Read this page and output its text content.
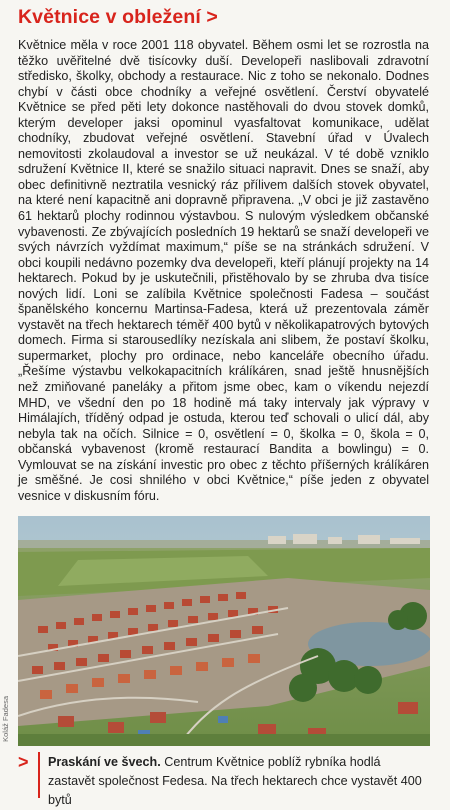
Květnice v obležení >

Květnice měla v roce 2001 118 obyvatel. Během osmi let se rozrostla na těžko uvěřitelné dvě tisícovky duší. Developeři naslibovali zdravotní středisko, školky, obchody a restaurace. Nic z toho se nekonalo. Dodnes chybí v části obce chodníky a veřejné osvětlení. Čerství obyvatelé Květnice se před pěti lety dokonce nastěhovali do dvou stovek domků, kterým developer jaksi opominul vyasfaltovat komunikace, udělat chodníky, zbudovat veřejné osvětlení. Stavební úřad v Úvalech nemovitosti zkolaudoval a investor se už neukázal. V té době vzniklo sdružení Květnice II, které se snažilo situaci napravit. Dnes se snaží, aby obec definitivně neztratila vesnický ráz přílivem dalších stovek obyvatel, na které není kapacitně ani dopravně připravena. „V obci je již zastavěno 61 hektarů plochy rodinnou výstavbou. S nulovým výsledkem občanské vybavenosti. Ze zbývajících posledních 19 hektarů se snaží developeři ve svých návrzích vyždímat maximum,“ píše se na stránkách sdružení. V obci koupili nedávno pozemky dva developeři, kteří plánují projekty na 14 hektarech. Pokud by je uskutečnili, přistěhovalo by se zhruba dva tisíce nových lidí. Loni se zalíbila Květnice společnosti Fadesa – součást španělského koncernu Martinsa-Fadesa, která už prezentovala záměr vystavět na třech hektarech téměř 400 bytů v několikapatrových bytových domech. Firma si starousedlíky nezískala ani slibem, že postaví školku, supermarket, plochy pro ordinace, nebo kanceláře obecního úřadu. „Řešíme výstavbu velkokapacitních králíkáren, snad ještě hnusnějších než zmiňované paneláky a přitom jsme obec, kam o víkendu nejezdí MHD, ve všední den po 18 hodině má taky intervaly jak výpravy v Himálajích, tříděný odpad je ostuda, kterou teď schovali o ulicí dál, aby nebyla tak na očích. Silnice = 0, osvětlení = 0, školka = 0, škola = 0, občanská vybavenost (kromě restaurací Bandita a bowlingu) = 0. Vymlouvat se na získání investic pro obec z těchto příšerných králíkáren je směšné. Je cosi shnilého v obci Květnice,“ píše jeden z obyvatel vesnice v diskusním fóru.

Koláž Fadesa
> Praskání ve švech. Centrum Květnice poblíž rybníka hodlá zastavět společnost Fedesa. Na třech hektarech chce vystavět 400 bytů
